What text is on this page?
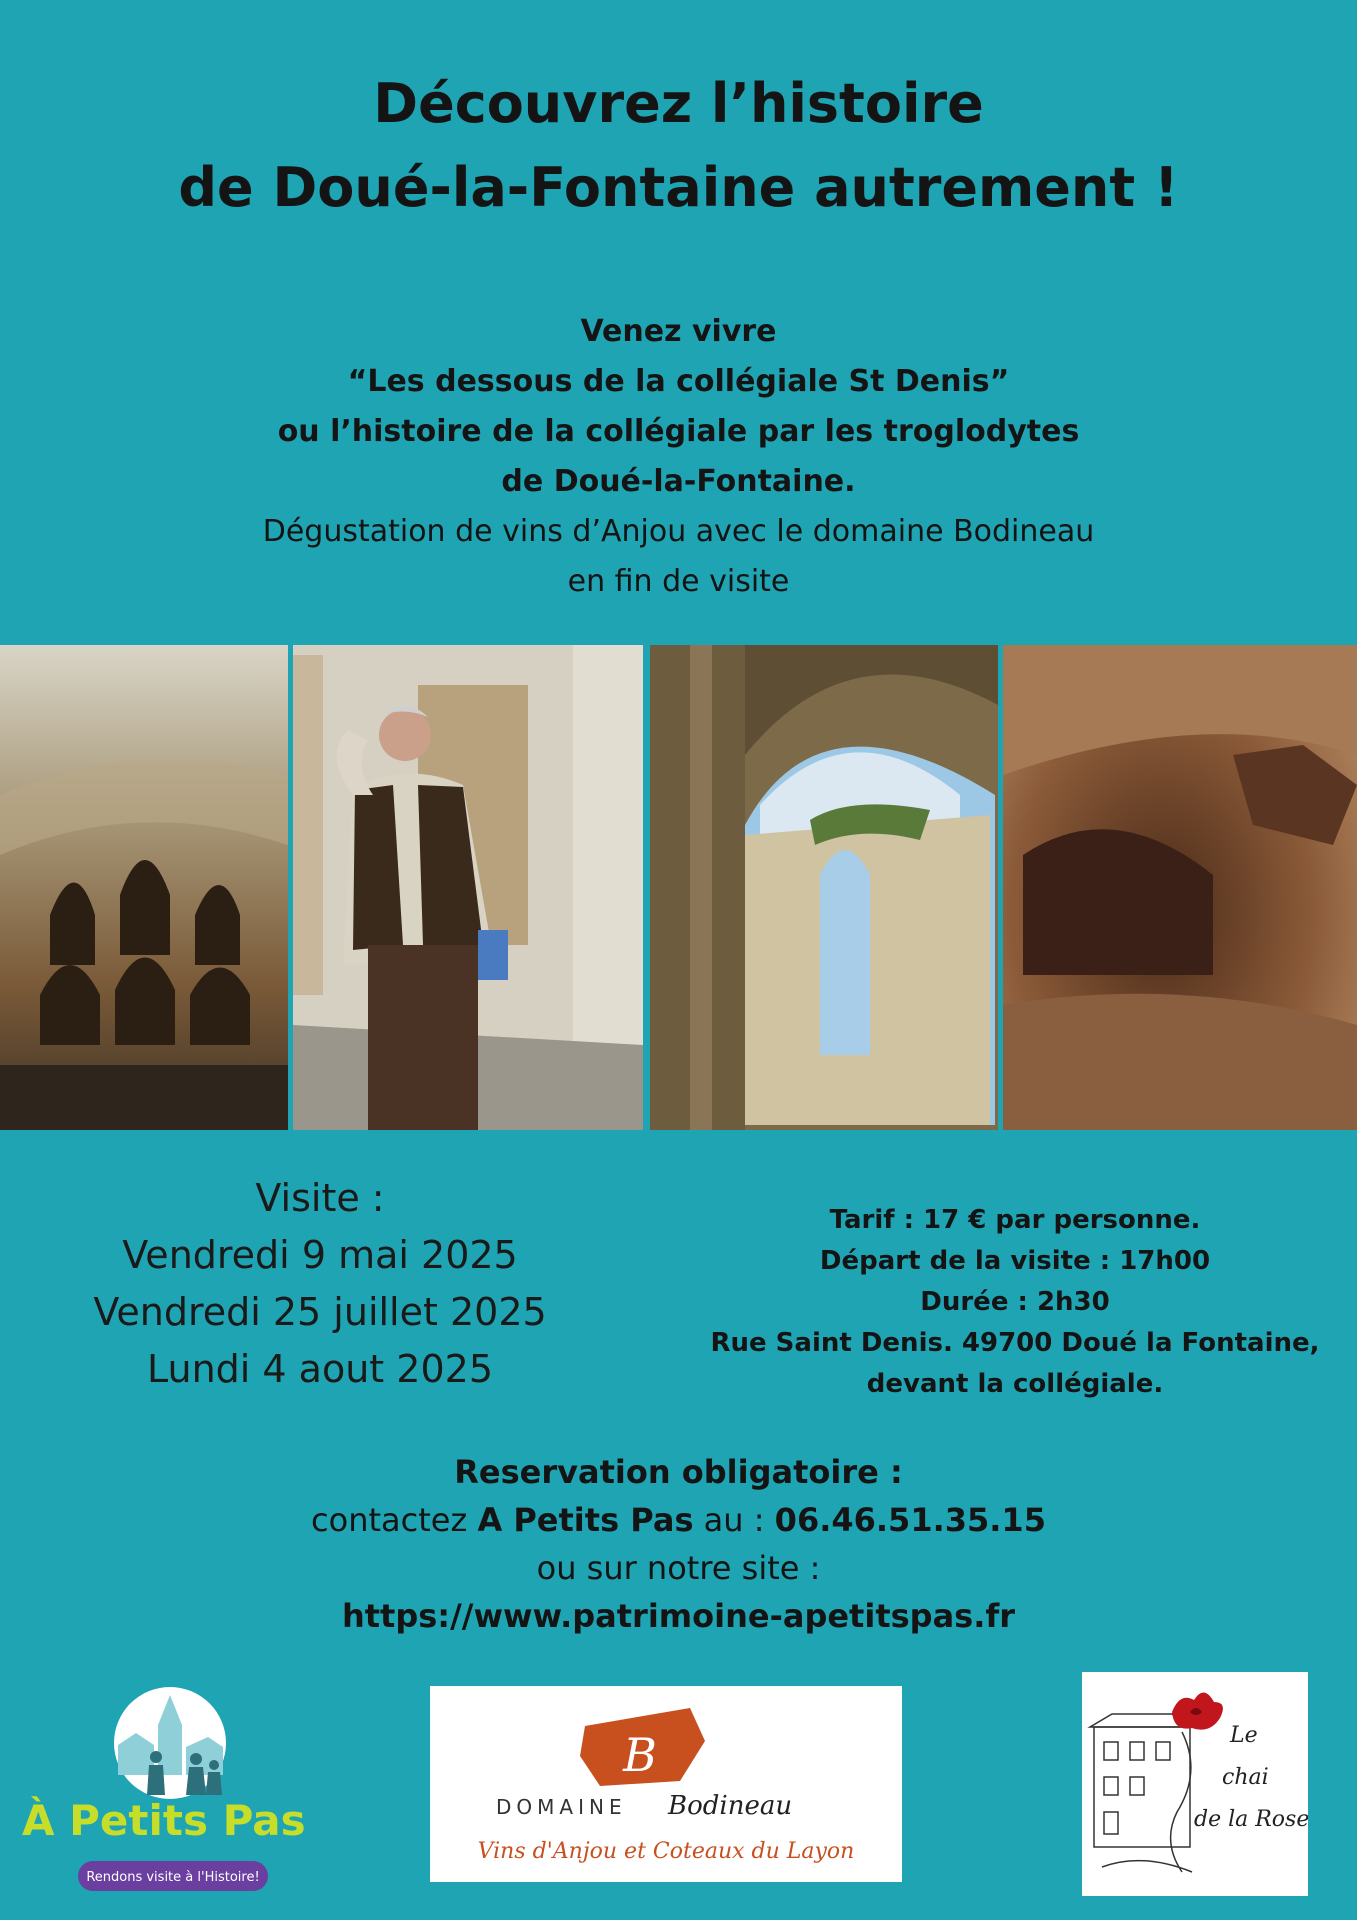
Découvrez l’histoire
de Doué-la-Fontaine autrement !
Venez vivre
“Les dessous de la collégiale St Denis”
ou l’histoire de la collégiale par les troglodytes
de Doué-la-Fontaine.
Dégustation de vins d’Anjou avec le domaine Bodineau
en fin de visite
Visite :
Vendredi 9 mai 2025
Vendredi 25 juillet 2025
Lundi 4 aout 2025
Tarif : 17 € par personne.
Départ de la visite : 17h00
Durée : 2h30
Rue Saint Denis. 49700 Doué la Fontaine,
devant la collégiale.
Reservation obligatoire :
contactez A Petits Pas au : 06.46.51.35.15
ou sur notre site :
https://www.patrimoine-apetitspas.fr
À Petits Pas
Rendons visite à l'Histoire!
B
DOMAINE Bodineau
Vins d'Anjou et Coteaux du Layon
Le
chai
de la Rose
